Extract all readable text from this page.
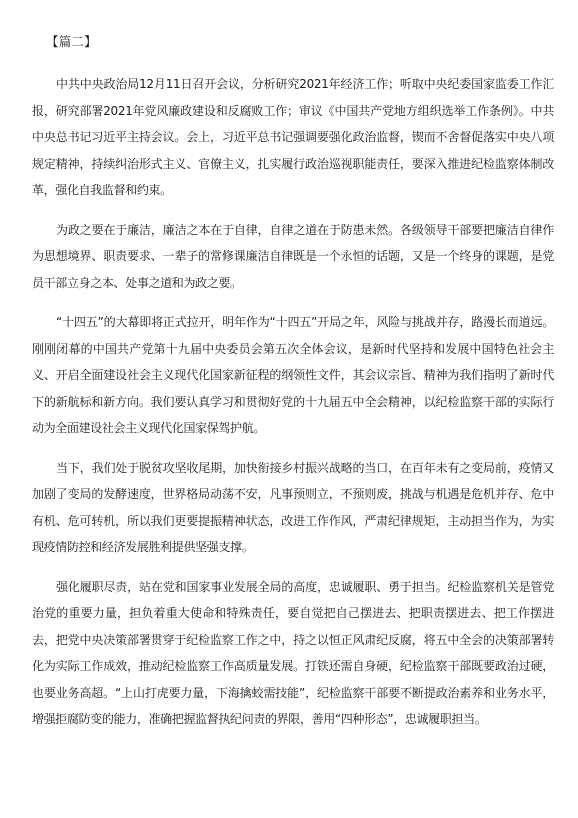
【篇二】

中共中央政治局12月11日召开会议，分析研究2021年经济工作；听取中央纪委国家监委工作汇报，研究部署2021年党风廉政建设和反腐败工作；审议《中国共产党地方组织选举工作条例》。中共中央总书记习近平主持会议。会上，习近平总书记强调要强化政治监督，锲而不舍督促落实中央八项规定精神，持续纠治形式主义、官僚主义，扎实履行政治巡视职能责任，要深入推进纪检监察体制改革，强化自我监督和约束。

为政之要在于廉洁，廉洁之本在于自律，自律之道在于防患未然。各级领导干部要把廉洁自律作为思想境界、职责要求、一辈子的常修课廉洁自律既是一个永恒的话题，又是一个终身的课题，是党员干部立身之本、处事之道和为政之要。

“十四五”的大幕即将正式拉开，明年作为“十四五”开局之年，风险与挑战并存，路漫长而道远。刚刚闭幕的中国共产党第十九届中央委员会第五次全体会议，是新时代坚持和发展中国特色社会主义、开启全面建设社会主义现代化国家新征程的纲领性文件，其会议宗旨、精神为我们指明了新时代下的新航标和新方向。我们要认真学习和贯彻好党的十九届五中全会精神，以纪检监察干部的实际行动为全面建设社会主义现代化国家保驾护航。

当下，我们处于脱贫攻坚收尾期，加快衔接乡村振兴战略的当口，在百年未有之变局前，疫情又加剧了变局的发酵速度，世界格局动荡不安，凡事预则立，不预则废，挑战与机遇是危机并存、危中有机、危可转机，所以我们更要提振精神状态，改进工作作风，严肃纪律规矩，主动担当作为，为实现疫情防控和经济发展胜利提供坚强支撑。

强化履职尽责，站在党和国家事业发展全局的高度，忠诚履职、勇于担当。纪检监察机关是管党治党的重要力量，担负着重大使命和特殊责任，要自觉把自己摆进去、把职责摆进去、把工作摆进去，把党中央决策部署贯穿于纪检监察工作之中，持之以恒正风肃纪反腐，将五中全会的决策部署转化为实际工作成效，推动纪检监察工作高质量发展。打铁还需自身硬，纪检监察干部既要政治过硬，也要业务高超。“上山打虎要力量，下海擒蛟需技能”，纪检监察干部要不断提政治素养和业务水平，增强拒腐防变的能力，准确把握监督执纪问责的界限，善用“四种形态”，忠诚履职担当。
